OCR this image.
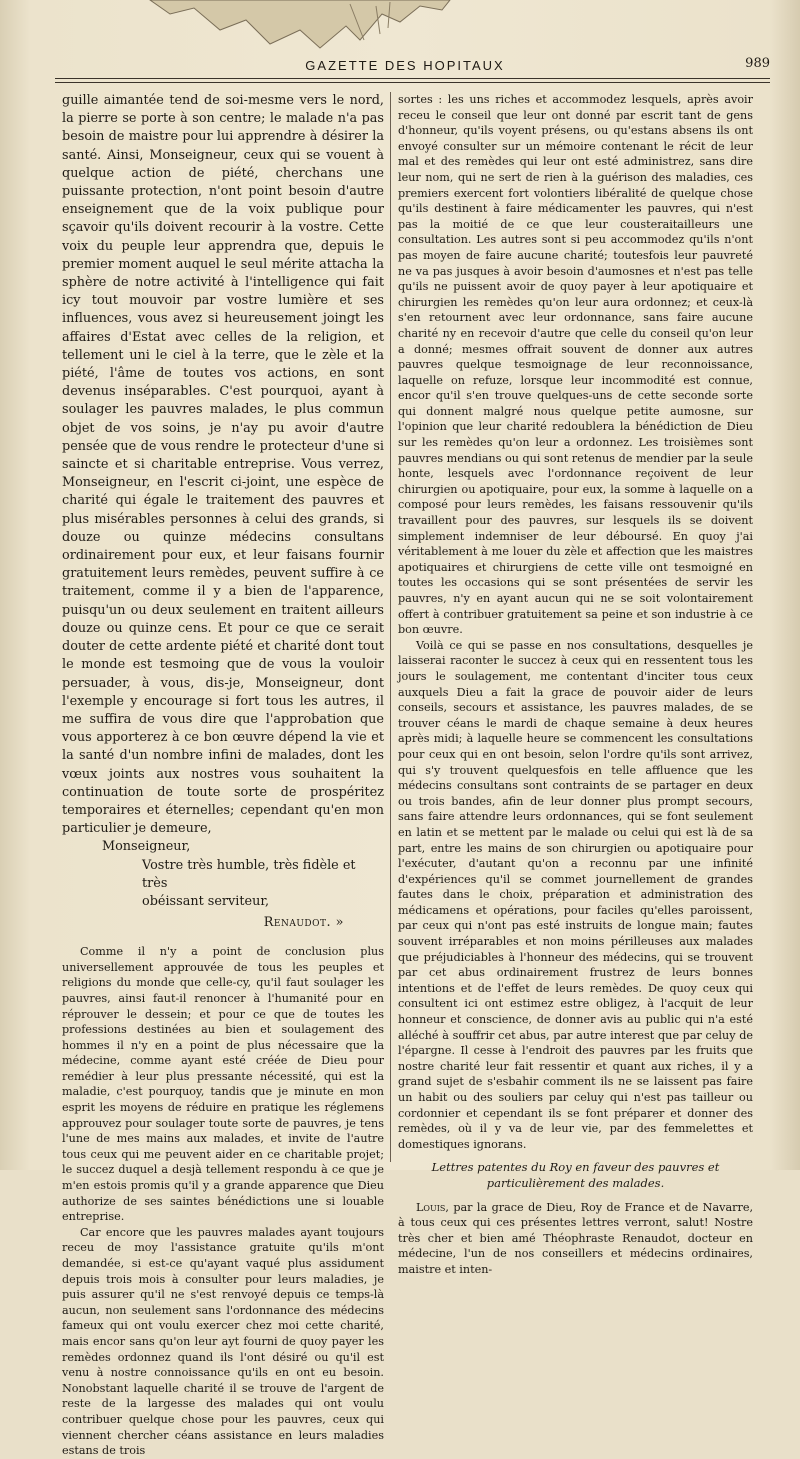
GAZETTE DES HOPITAUX	989

guille aimantée tend de soi-mesme vers le nord, la pierre se porte à son centre; le malade n'a pas besoin de maistre pour lui apprendre à désirer la santé. Ainsi, Monseigneur, ceux qui se vouent à quelque action de piété, cherchans une puissante protection, n'ont point besoin d'autre enseignement que de la voix publique pour sçavoir qu'ils doivent recourir à la vostre. Cette voix du peuple leur apprendra que, depuis le premier moment auquel le seul mérite attacha la sphère de notre activité à l'intelligence qui fait icy tout mouvoir par vostre lumière et ses influences, vous avez si heureusement joingt les affaires d'Estat avec celles de la religion, et tellement uni le ciel à la terre, que le zèle et la piété, l'âme de toutes vos actions, en sont devenus inséparables. C'est pourquoi, ayant à soulager les pauvres malades, le plus commun objet de vos soins, je n'ay pu avoir d'autre pensée que de vous rendre le protecteur d'une si saincte et si charitable entreprise. Vous verrez, Monseigneur, en l'escrit ci-joint, une espèce de charité qui égale le traitement des pauvres et plus misérables personnes à celui des grands, si douze ou quinze médecins consultans ordinairement pour eux, et leur faisans fournir gratuitement leurs remèdes, peuvent suffire à ce traitement, comme il y a bien de l'apparence, puisqu'un ou deux seulement en traitent ailleurs douze ou quinze cens. Et pour ce que ce serait douter de cette ardente piété et charité dont tout le monde est tesmoing que de vous la vouloir persuader, à vous, dis-je, Monseigneur, dont l'exemple y encourage si fort tous les autres, il me suffira de vous dire que l'approbation que vous apporterez à ce bon œuvre dépend la vie et la santé d'un nombre infini de malades, dont les vœux joints aux nostres vous souhaitent la continuation de toute sorte de prospéritez temporaires et éternelles; cependant qu'en mon particulier je demeure,

Monseigneur,

Vostre très humble, très fidèle et très

obéissant serviteur,

Renaudot. »

Comme il n'y a point de conclusion plus universellement approuvée de tous les peuples et religions du monde que celle-cy, qu'il faut soulager les pauvres, ainsi faut-il renoncer à l'humanité pour en réprouver le dessein; et pour ce que de toutes les professions destinées au bien et soulagement des hommes il n'y en a point de plus nécessaire que la médecine, comme ayant esté créée de Dieu pour remédier à leur plus pressante nécessité, qui est la maladie, c'est pourquoy, tandis que je minute en mon esprit les moyens de réduire en pratique les réglemens approuvez pour soulager toute sorte de pauvres, je tens l'une de mes mains aux malades, et invite de l'autre tous ceux qui me peuvent aider en ce charitable projet; le succez duquel a desjà tellement respondu à ce que je m'en estois promis qu'il y a grande apparence que Dieu authorize de ses saintes bénédictions une si louable entreprise.

Car encore que les pauvres malades ayant toujours receu de moy l'assistance gratuite qu'ils m'ont demandée, si est-ce qu'ayant vaqué plus assidument depuis trois mois à consulter pour leurs maladies, je puis assurer qu'il ne s'est renvoyé depuis ce temps-là aucun, non seulement sans l'ordonnance des médecins fameux qui ont voulu exercer chez moi cette charité, mais encor sans qu'on leur ayt fourni de quoy payer les remèdes ordonnez quand ils l'ont désiré ou qu'il est venu à nostre connoissance qu'ils en ont eu besoin. Nonobstant laquelle charité il se trouve de l'argent de reste de la largesse des malades qui ont voulu contribuer quelque chose pour les pauvres, ceux qui viennent chercher céans assistance en leurs maladies estans de trois

sortes : les uns riches et accommodez lesquels, après avoir receu le conseil que leur ont donné par escrit tant de gens d'honneur, qu'ils voyent présens, ou qu'estans absens ils ont envoyé consulter sur un mémoire contenant le récit de leur mal et des remèdes qui leur ont esté administrez, sans dire leur nom, qui ne sert de rien à la guérison des maladies, ces premiers exercent fort volontiers libéralité de quelque chose qu'ils destinent à faire médicamenter les pauvres, qui n'est pas la moitié de ce que leur cousteraitailleurs une consultation. Les autres sont si peu accommodez qu'ils n'ont pas moyen de faire aucune charité; toutesfois leur pauvreté ne va pas jusques à avoir besoin d'aumosnes et n'est pas telle qu'ils ne puissent avoir de quoy payer à leur apotiquaire et chirurgien les remèdes qu'on leur aura ordonnez; et ceux-là s'en retournent avec leur ordonnance, sans faire aucune charité ny en recevoir d'autre que celle du conseil qu'on leur a donné; mesmes offrait souvent de donner aux autres pauvres quelque tesmoignage de leur reconnoissance, laquelle on refuze, lorsque leur incommodité est connue, encor qu'il s'en trouve quelques-uns de cette seconde sorte qui donnent malgré nous quelque petite aumosne, sur l'opinion que leur charité redoublera la bénédiction de Dieu sur les remèdes qu'on leur a ordonnez. Les troisièmes sont pauvres mendians ou qui sont retenus de mendier par la seule honte, lesquels avec l'ordonnance reçoivent de leur chirurgien ou apotiquaire, pour eux, la somme à laquelle on a composé pour leurs remèdes, les faisans ressouvenir qu'ils travaillent pour des pauvres, sur lesquels ils se doivent simplement indemniser de leur déboursé. En quoy j'ai véritablement à me louer du zèle et affection que les maistres apotiquaires et chirurgiens de cette ville ont tesmoigné en toutes les occasions qui se sont présentées de servir les pauvres, n'y en ayant aucun qui ne se soit volontairement offert à contribuer gratuitement sa peine et son industrie à ce bon œuvre.

Voilà ce qui se passe en nos consultations, desquelles je laisserai raconter le succez à ceux qui en ressentent tous les jours le soulagement, me contentant d'inciter tous ceux auxquels Dieu a fait la grace de pouvoir aider de leurs conseils, secours et assistance, les pauvres malades, de se trouver céans le mardi de chaque semaine à deux heures après midi; à laquelle heure se commencent les consultations pour ceux qui en ont besoin, selon l'ordre qu'ils sont arrivez, qui s'y trouvent quelquesfois en telle affluence que les médecins consultans sont contraints de se partager en deux ou trois bandes, afin de leur donner plus prompt secours, sans faire attendre leurs ordonnances, qui se font seulement en latin et se mettent par le malade ou celui qui est là de sa part, entre les mains de son chirurgien ou apotiquaire pour l'exécuter, d'autant qu'on a reconnu par une infinité d'expériences qu'il se commet journellement de grandes fautes dans le choix, préparation et administration des médicamens et opérations, pour faciles qu'elles paroissent, par ceux qui n'ont pas esté instruits de longue main; fautes souvent irréparables et non moins périlleuses aux malades que préjudiciables à l'honneur des médecins, qui se trouvent par cet abus ordinairement frustrez de leurs bonnes intentions et de l'effet de leurs remèdes. De quoy ceux qui consultent ici ont estimez estre obligez, à l'acquit de leur honneur et conscience, de donner avis au public qui n'a esté alléché à souffrir cet abus, par autre interest que par celuy de l'épargne. Il cesse à l'endroit des pauvres par les fruits que nostre charité leur fait ressentir et quant aux riches, il y a grand sujet de s'esbahir comment ils ne se laissent pas faire un habit ou des souliers par celuy qui n'est pas tailleur ou cordonnier et cependant ils se font préparer et donner des remèdes, où il y va de leur vie, par des femmelettes et domestiques ignorans.

Lettres patentes du Roy en faveur des pauvres et particulièrement des malades.

Louis, par la grace de Dieu, Roy de France et de Navarre, à tous ceux qui ces présentes lettres verront, salut! Nostre très cher et bien amé Théophraste Renaudot, docteur en médecine, l'un de nos conseillers et médecins ordinaires, maistre et inten-
